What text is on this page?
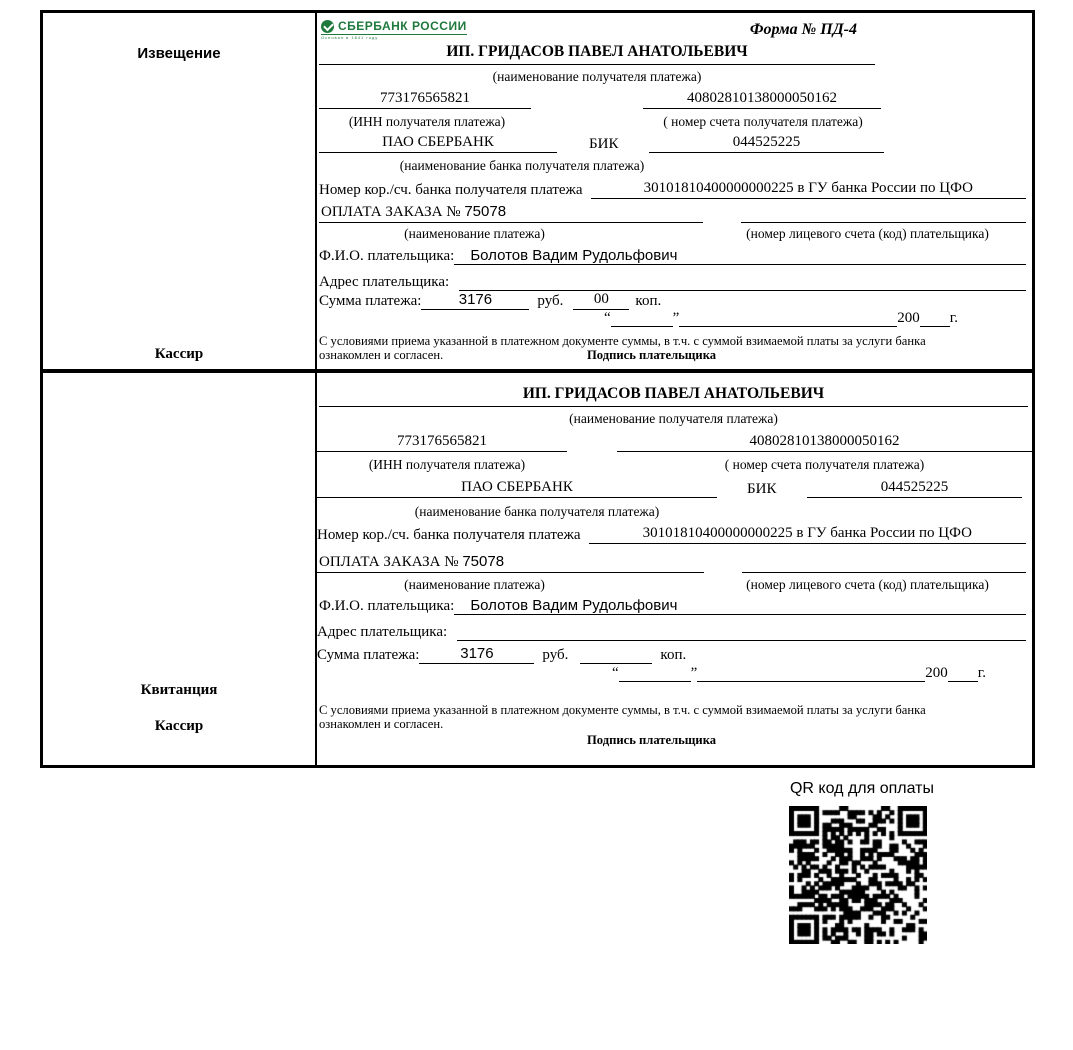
Извещение
Кассир
СБЕРБАНК РОССИИ
Основан в 1841 году	Форма № ПД-4
ИП. ГРИДАСОВ ПАВЕЛ АНАТОЛЬЕВИЧ
(наименование получателя платежа)
773176565821	40802810138000050162
(ИНН получателя платежа)	( номер счета получателя платежа)
ПАО СБЕРБАНК	БИК	044525225
(наименование банка получателя платежа)
Номер кор./сч. банка получателя платежа	30101810400000000225 в ГУ банка России по ЦФО
ОПЛАТА ЗАКАЗА № 75078
(наименование платежа)	(номер лицевого счета (код) плательщика)
Ф.И.О. плательщика:	Болотов Вадим Рудольфович
Адрес плательщика:
Сумма платежа:	3176	руб.	00	коп.
“	”	200 г.
С условиями приема указанной в платежном документе суммы, в т.ч. с суммой взимаемой платы за услуги банка
ознакомлен и согласен.	Подпись плательщика
Квитанция
Кассир
ИП. ГРИДАСОВ ПАВЕЛ АНАТОЛЬЕВИЧ
(наименование получателя платежа)
773176565821	40802810138000050162
(ИНН получателя платежа)	( номер счета получателя платежа)
ПАО СБЕРБАНК	БИК	044525225
(наименование банка получателя платежа)
Номер кор./сч. банка получателя платежа	30101810400000000225 в ГУ банка России по ЦФО
ОПЛАТА ЗАКАЗА № 75078
(наименование платежа)	(номер лицевого счета (код) плательщика)
Ф.И.О. плательщика:	Болотов Вадим Рудольфович
Адрес плательщика:
Сумма платежа:	3176	руб.	коп.
“	”	200 г.
С условиями приема указанной в платежном документе суммы, в т.ч. с суммой взимаемой платы за услуги банка
ознакомлен и согласен.
Подпись плательщика
QR код для оплаты
